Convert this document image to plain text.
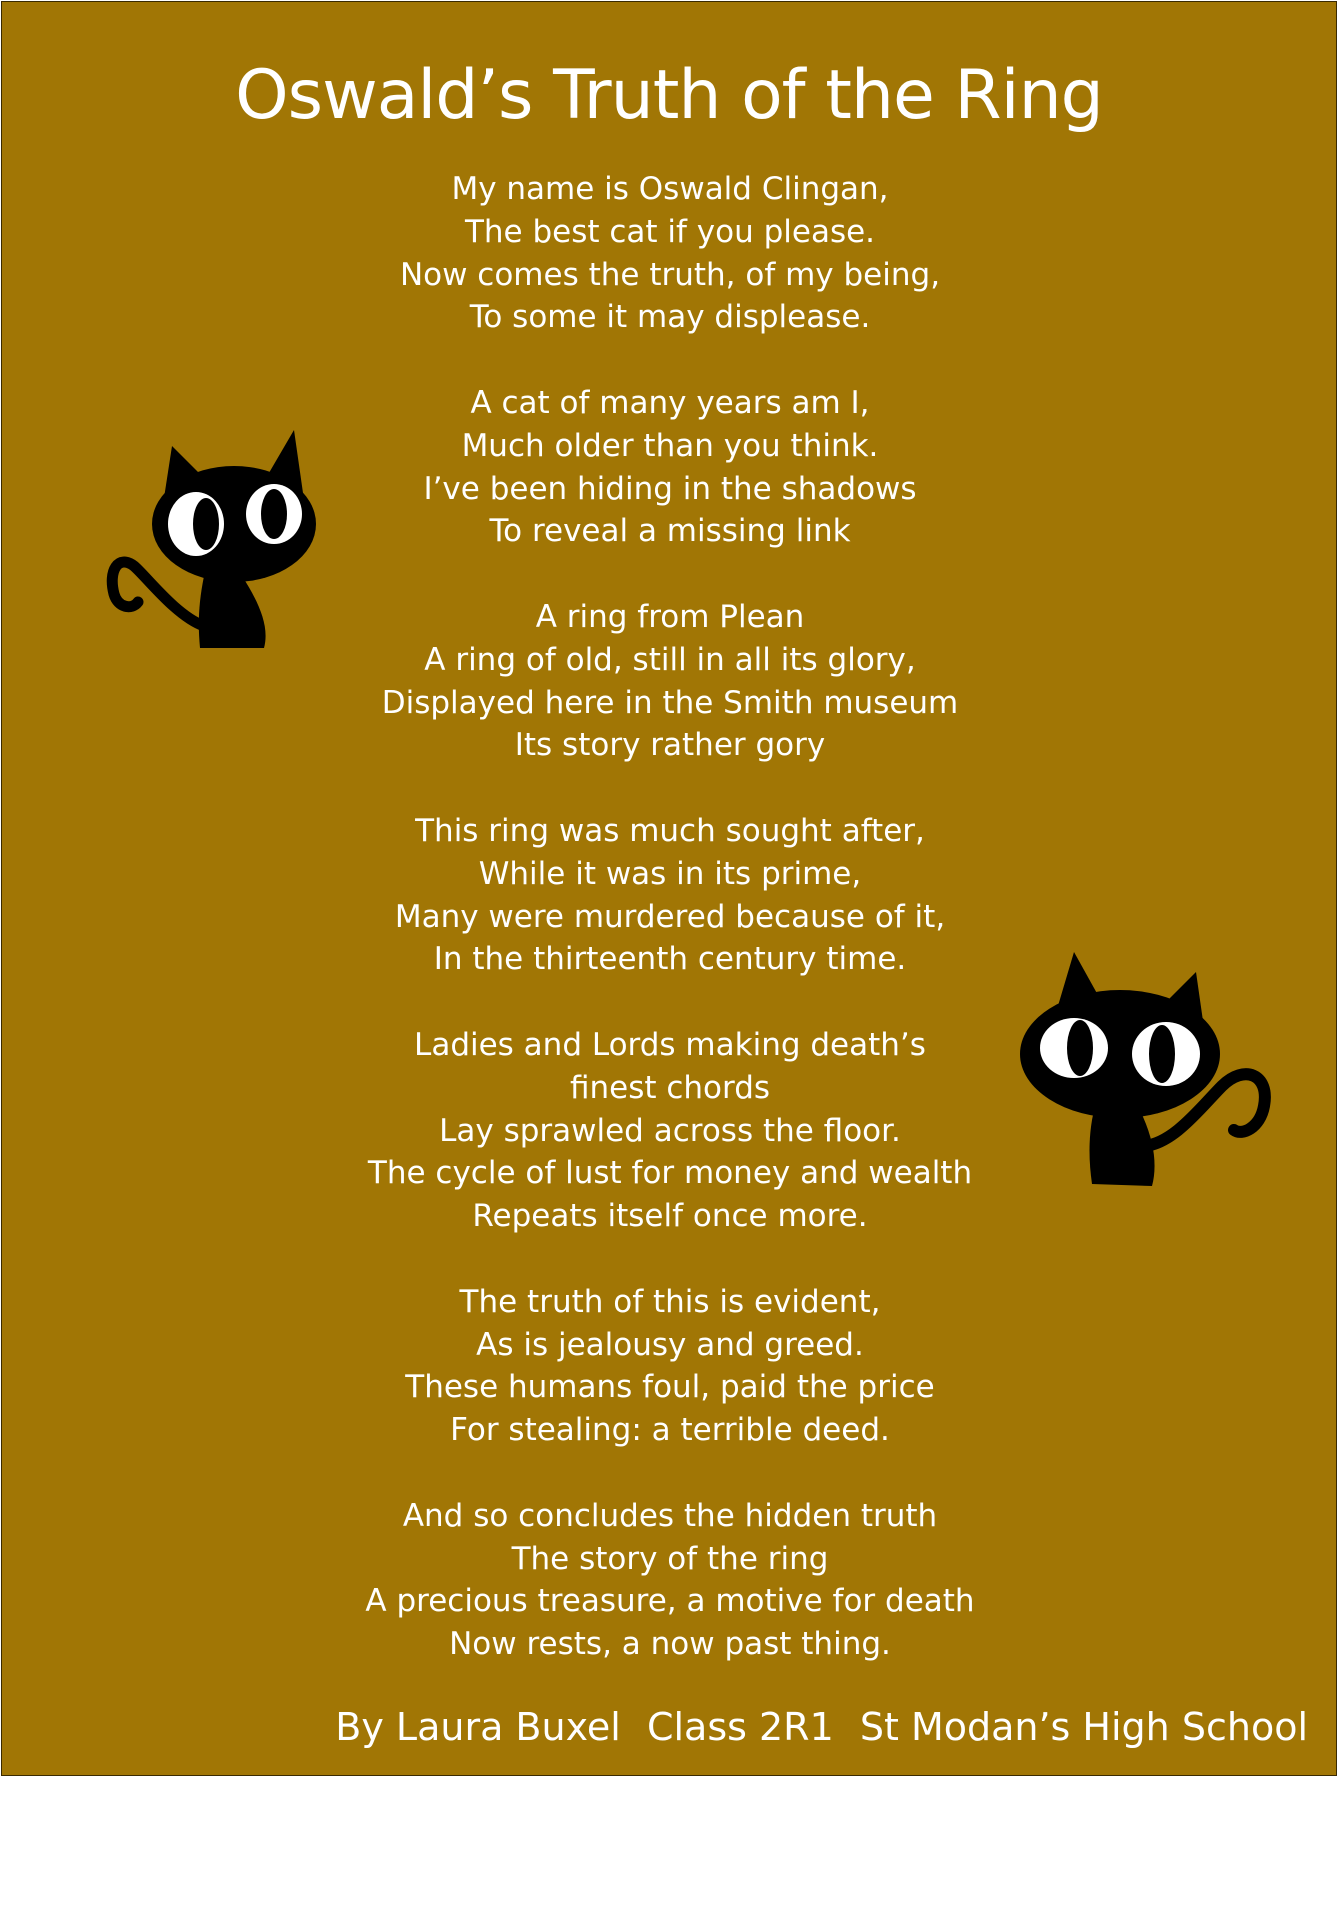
Oswald’s Truth of the Ring
My name is Oswald Clingan,
The best cat if you please.
Now comes the truth, of my being,
To some it may displease.
A cat of many years am I,
Much older than you think.
I’ve been hiding in the shadows
To reveal a missing link
A ring from Plean
A ring of old, still in all its glory,
Displayed here in the Smith museum
Its story rather gory
This ring was much sought after,
While it was in its prime,
Many were murdered because of it,
In the thirteenth century time.
Ladies and Lords making death’s finest chords
Lay sprawled across the floor.
The cycle of lust for money and wealth
Repeats itself once more.
The truth of this is evident,
As is jealousy and greed.
These humans foul, paid the price
For stealing: a terrible deed.
And so concludes the hidden truth
The story of the ring
A precious treasure, a motive for death
Now rests, a now past thing.
By Laura Buxel Class 2R1 St Modan’s High School
